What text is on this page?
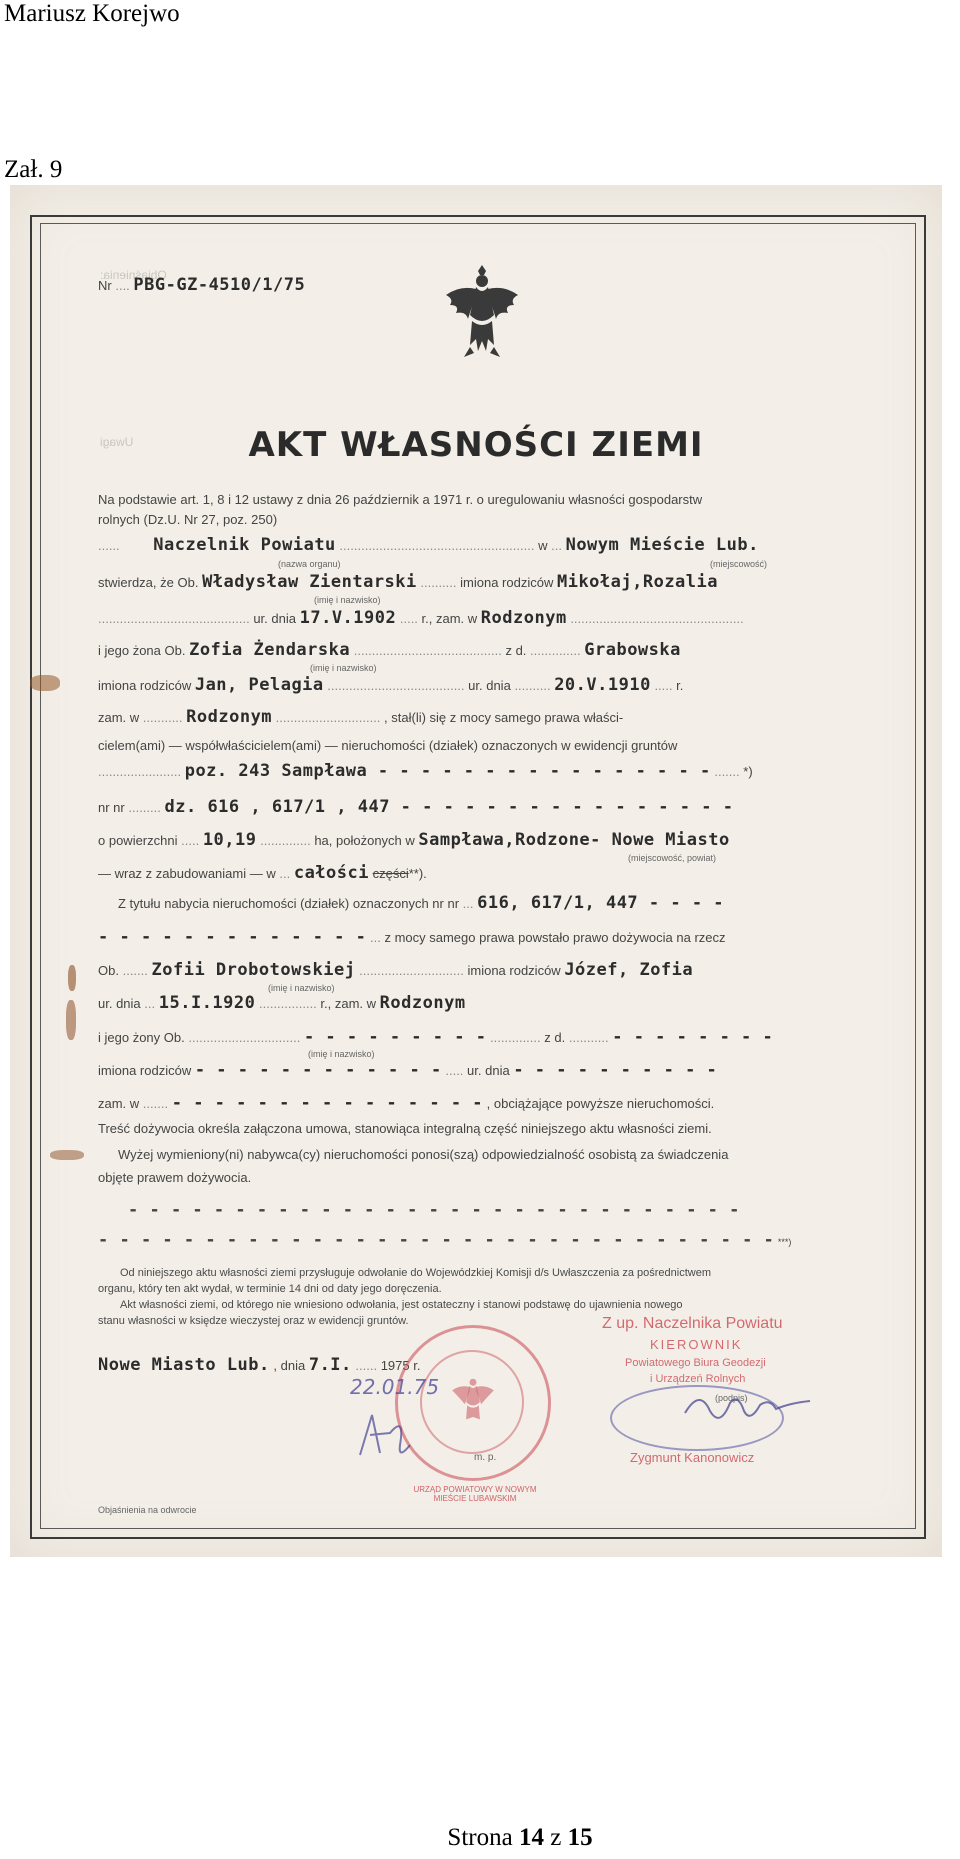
Mariusz Korejwo
Zał. 9
Objaśnienia:
Uwagi
Nr .... PBG-GZ-4510/1/75
AKT WŁASNOŚCI ZIEMI
Na podstawie art. 1, 8 i 12 ustawy z dnia 26 październik a 1971 r. o uregulowaniu własności gospodarstw
rolnych (Dz.U. Nr 27, poz. 250)
...... Naczelnik Powiatu ...................................................... w ... Nowym Mieście Lub.
(nazwa organu)	(miejscowość)
stwierdza, że Ob. Władysław Zientarski .......... imiona rodziców Mikołaj,Rozalia
(imię i nazwisko)
.......................................... ur. dnia 17.V.1902 ..... r., zam. w Rodzonym ................................................
i jego żona Ob. Zofia Żendarska ......................................... z d. .............. Grabowska
(imię i nazwisko)
imiona rodziców Jan, Pelagia ...................................... ur. dnia .......... 20.V.1910 ..... r.
zam. w ........... Rodzonym ............................. , stał(li) się z mocy samego prawa właści-
cielem(ami) — współwłaścicielem(ami) — nieruchomości (działek) oznaczonych w ewidencji gruntów
....................... poz. 243 Sampława - - - - - - - - - - - - - - - - ....... *)
nr nr ......... dz. 616 , 617/1 , 447 - - - - - - - - - - - - - - - -
o powierzchni ..... 10,19 .............. ha, położonych w Sampława,Rodzone- Nowe Miasto
(miejscowość, powiat)
— wraz z zabudowaniami — w ... całości części**).
Z tytułu nabycia nieruchomości (działek) oznaczonych nr nr ... 616, 617/1, 447 - - - -
- - - - - - - - - - - - - ... z mocy samego prawa powstało prawo dożywocia na rzecz
Ob. ....... Zofii Drobotowskiej ............................. imiona rodziców Józef, Zofia
(imię i nazwisko)
ur. dnia ... 15.I.1920 ................ r., zam. w Rodzonym
i jego żony Ob. ............................... - - - - - - - - - .............. z d. ........... - - - - - - - -
(imię i nazwisko)
imiona rodziców - - - - - - - - - - - - ..... ur. dnia - - - - - - - - - -
zam. w ....... - - - - - - - - - - - - - - - , obciążające powyższe nieruchomości.
Treść dożywocia określa załączona umowa, stanowiąca integralną część niniejszego aktu własności ziemi.
Wyżej wymieniony(ni) nabywca(cy) nieruchomości ponosi(szą) odpowiedzialność osobistą za świadczenia
objęte prawem dożywocia.
- - - - - - - - - - - - - - - - - - - - - - - - - - - - -
- - - - - - - - - - - - - - - - - - - - - - - - - - - - - - - - ***)
Od niniejszego aktu własności ziemi przysługuje odwołanie do Wojewódzkiej Komisji d/s Uwłaszczenia za pośrednictwem
organu, który ten akt wydał, w terminie 14 dni od daty jego doręczenia.
Akt własności ziemi, od którego nie wniesiono odwołania, jest ostateczny i stanowi podstawę do ujawnienia nowego
stanu własności w księdze wieczystej oraz w ewidencji gruntów.
Nowe Miasto Lub. , dnia 7.I. ...... 1975 r.
Z up. Naczelnika Powiatu
KIEROWNIK
Powiatowego Biura Geodezji
i Urządzeń Rolnych
(podpis)
Zygmunt Kanonowicz
URZĄD POWIATOWY W NOWYM MIEŚCIE LUBAWSKIM
22.01.75
m. p.
Objaśnienia na odwrocie
Strona 14 z 15
